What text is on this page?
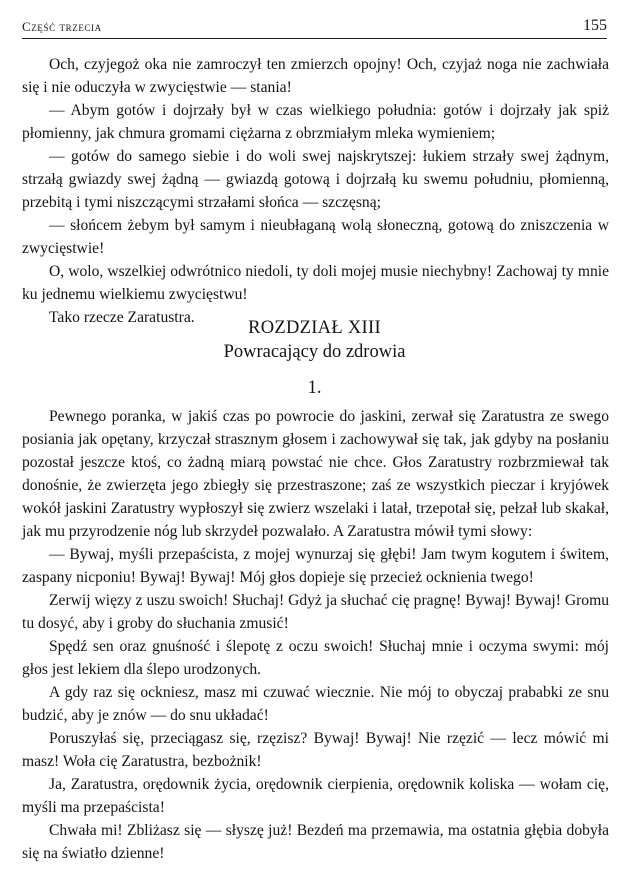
Część trzecia	155

Och, czyjegoż oka nie zamroczył ten zmierzch opojny! Och, czyjaż noga nie zachwiała się i nie oduczyła w zwycięstwie — stania!

— Abym gotów i dojrzały był w czas wielkiego południa: gotów i dojrzały jak spiż płomienny, jak chmura gromami ciężarna z obrzmiałym mleka wymieniem;

— gotów do samego siebie i do woli swej najskrytszej: łukiem strzały swej żądnym, strzałą gwiazdy swej żądną — gwiazdą gotową i dojrzałą ku swemu południu, płomienną, przebitą i tymi niszczącymi strzałami słońca — szczęsną;

— słońcem żebym był samym i nieubłaganą wolą słoneczną, gotową do zniszczenia w zwycięstwie!

O, wolo, wszelkiej odwrótnico niedoli, ty doli mojej musie niechybny! Zachowaj ty mnie ku jednemu wielkiemu zwycięstwu!

Tako rzecze Zaratustra.

ROZDZIAŁ XIII
Powracający do zdrowia
1.

Pewnego poranka, w jakiś czas po powrocie do jaskini, zerwał się Zaratustra ze swego posiania jak opętany, krzyczał strasznym głosem i zachowywał się tak, jak gdyby na posłaniu pozostał jeszcze ktoś, co żadną miarą powstać nie chce. Głos Zaratustry rozbrzmiewał tak donośnie, że zwierzęta jego zbiegły się przestraszone; zaś ze wszystkich pieczar i kryjówek wokół jaskini Zaratustry wypłoszył się zwierz wszelaki i latał, trzepotał się, pełzał lub skakał, jak mu przyrodzenie nóg lub skrzydeł pozwalało. A Zaratustra mówił tymi słowy:

— Bywaj, myśli przepaścista, z mojej wynurzaj się głębi! Jam twym kogutem i świtem, zaspany nicponiu! Bywaj! Bywaj! Mój głos dopieje się przecież ocknienia twego!

Zerwij więzy z uszu swoich! Słuchaj! Gdyż ja słuchać cię pragnę! Bywaj! Bywaj! Gromu tu dosyć, aby i groby do słuchania zmusić!

Spędź sen oraz gnuśność i ślepotę z oczu swoich! Słuchaj mnie i oczyma swymi: mój głos jest lekiem dla ślepo urodzonych.

A gdy raz się ockniesz, masz mi czuwać wiecznie. Nie mój to obyczaj prababki ze snu budzić, aby je znów — do snu układać!

Poruszyłaś się, przeciągasz się, rzęzisz? Bywaj! Bywaj! Nie rzęzić — lecz mówić mi masz! Woła cię Zaratustra, bezbożnik!

Ja, Zaratustra, orędownik życia, orędownik cierpienia, orędownik koliska — wołam cię, myśli ma przepaścista!

Chwała mi! Zbliżasz się — słyszę już! Bezdeń ma przemawia, ma ostatnia głębia dobyła się na światło dzienne!
